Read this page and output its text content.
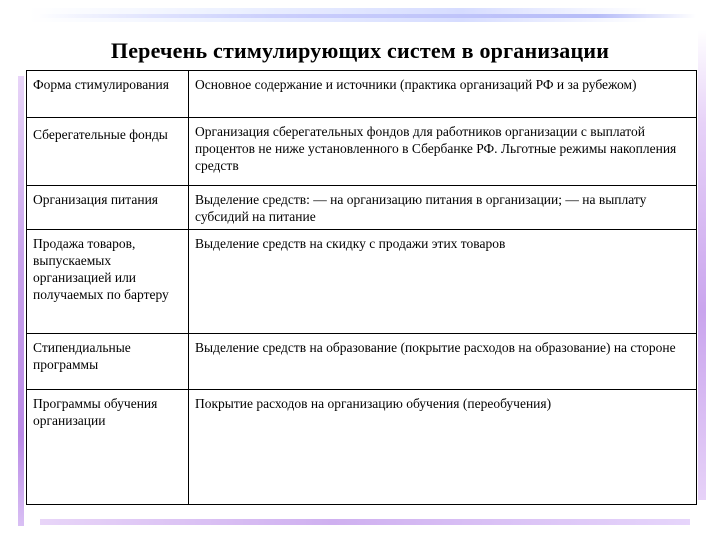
Перечень стимулирующих систем в организации
Форма стимулирования	Основное содержание и источники (практика организаций РФ и за рубежом)

Сберегательные фонды	Организация сберегательных фондов для работников организации с выплатой процентов не ниже установленного в Сбербанке РФ. Льготные режимы накопления средств
Организация питания	Выделение средств: — на организацию питания в организации; — на выплату субсидий на питание
Продажа товаров, выпускаемых организацией или получаемых по бартеру	Выделение средств на скидку с продажи этих товаров
Стипендиальные программы	Выделение средств на образование (покрытие расходов на образование) на стороне
Программы обучения организации	Покрытие расходов на организацию обучения (переобучения)
